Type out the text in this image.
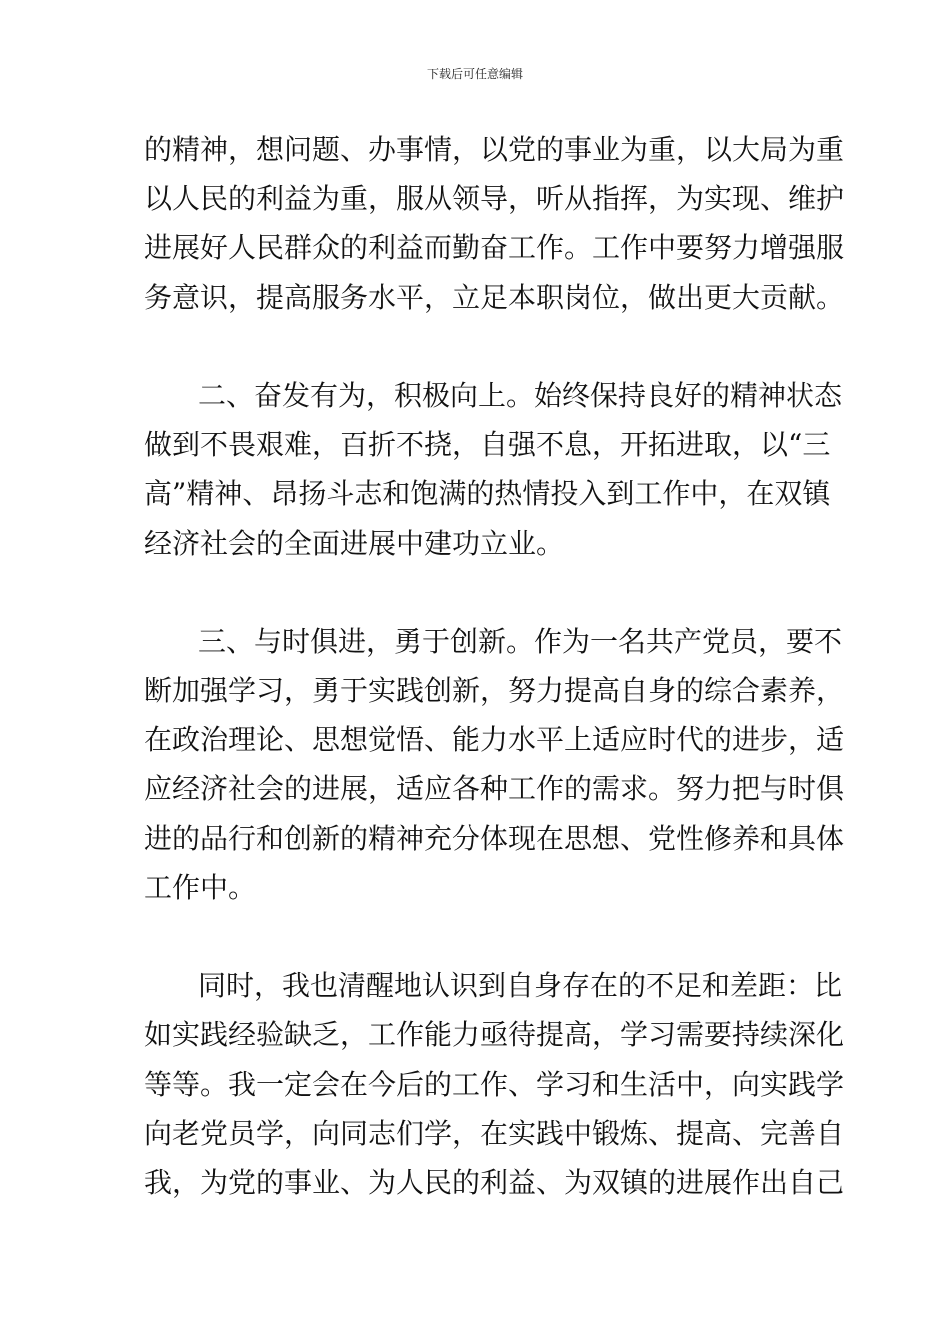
下载后可任意编辑
的精神，想问题、办事情，以党的事业为重，以大局为重
以人民的利益为重，服从领导，听从指挥，为实现、维护
进展好人民群众的利益而勤奋工作。工作中要努力增强服
务意识，提高服务水平，立足本职岗位，做出更大贡献。
二、奋发有为，积极向上。始终保持良好的精神状态
做到不畏艰难，百折不挠，自强不息，开拓进取，以“三
高”精神、昂扬斗志和饱满的热情投入到工作中，在双镇
经济社会的全面进展中建功立业。
三、与时俱进，勇于创新。作为一名共产党员，要不
断加强学习，勇于实践创新，努力提高自身的综合素养，
在政治理论、思想觉悟、能力水平上适应时代的进步，适
应经济社会的进展，适应各种工作的需求。努力把与时俱
进的品行和创新的精神充分体现在思想、党性修养和具体
工作中。
同时，我也清醒地认识到自身存在的不足和差距：比
如实践经验缺乏，工作能力亟待提高，学习需要持续深化
等等。我一定会在今后的工作、学习和生活中，向实践学
向老党员学，向同志们学，在实践中锻炼、提高、完善自
我，为党的事业、为人民的利益、为双镇的进展作出自己
